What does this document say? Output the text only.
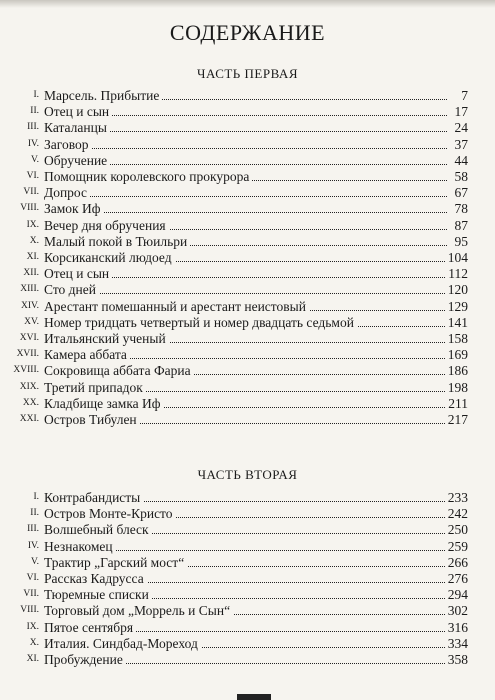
СОДЕРЖАНИЕ
ЧАСТЬ ПЕРВАЯ
I. Марсель. Прибытие	7
II. Отец и сын	17
III. Каталанцы	24
IV. Заговор	37
V. Обручение	44
VI. Помощник королевского прокурора	58
VII. Допрос	67
VIII. Замок Иф	78
IX. Вечер дня обручения	87
X. Малый покой в Тюильри	95
XI. Корсиканский людоед	104
XII. Отец и сын	112
XIII. Сто дней	120
XIV. Арестант помешанный и арестант неистовый	129
XV. Номер тридцать четвертый и номер двадцать седьмой	141
XVI. Итальянский ученый	158
XVII. Камера аббата	169
XVIII. Сокровища аббата Фариа	186
XIX. Третий припадок	198
XX. Кладбище замка Иф	211
XXI. Остров Тибулен	217
ЧАСТЬ ВТОРАЯ
I. Контрабандисты	233
II. Остров Монте-Кристо	242
III. Волшебный блеск	250
IV. Незнакомец	259
V. Трактир „Гарский мост“	266
VI. Рассказ Кадрусса	276
VII. Тюремные списки	294
VIII. Торговый дом „Моррель и Сын“	302
IX. Пятое сентября	316
X. Италия. Синдбад-Мореход	334
XI. Пробуждение	358
